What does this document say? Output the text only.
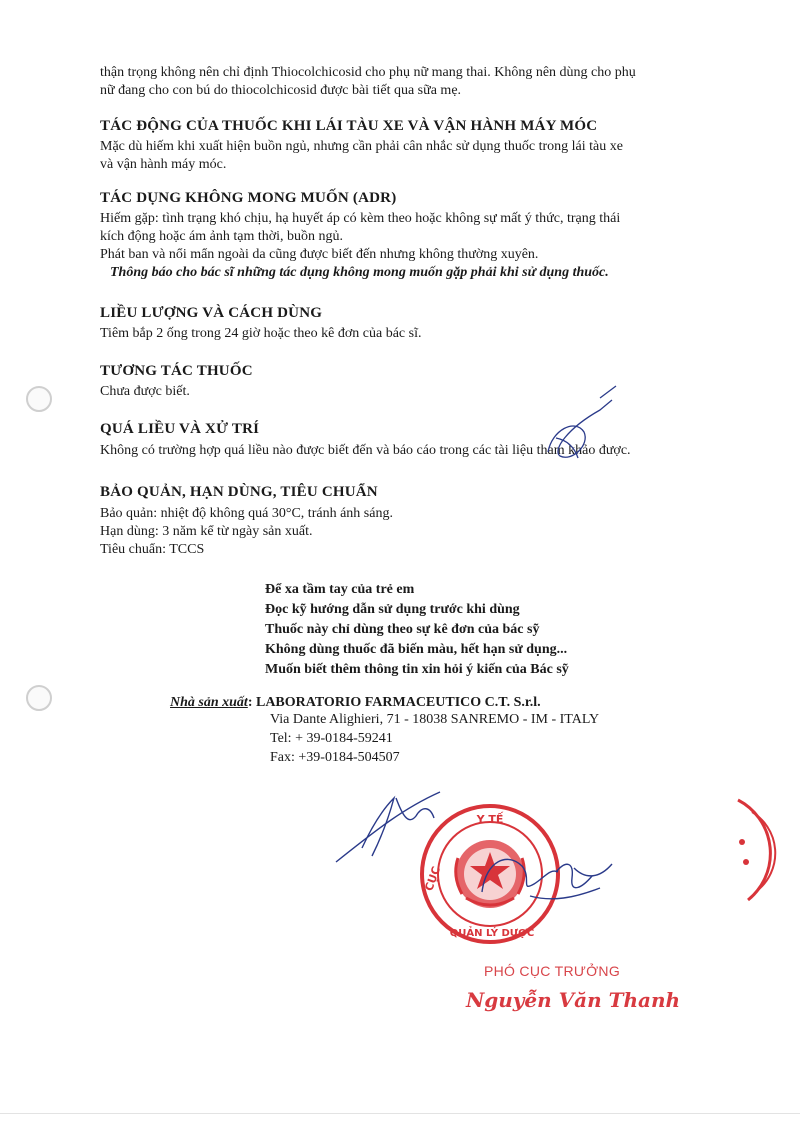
thận trọng không nên chỉ định Thiocolchicosid cho phụ nữ mang thai. Không nên dùng cho phụ
nữ đang cho con bú do thiocolchicosid được bài tiết qua sữa mẹ.
TÁC ĐỘNG CỦA THUỐC KHI LÁI TÀU XE VÀ VẬN HÀNH MÁY MÓC
Mặc dù hiếm khi xuất hiện buồn ngủ, nhưng cần phải cân nhắc sử dụng thuốc trong lái tàu xe
và vận hành máy móc.
TÁC DỤNG KHÔNG MONG MUỐN (ADR)
Hiếm gặp: tình trạng khó chịu, hạ huyết áp có kèm theo hoặc không sự mất ý thức, trạng thái
kích động hoặc ám ảnh tạm thời, buồn ngủ.
Phát ban và nổi mẩn ngoài da cũng được biết đến nhưng không thường xuyên.
Thông báo cho bác sĩ những tác dụng không mong muốn gặp phải khi sử dụng thuốc.
LIỀU LƯỢNG VÀ CÁCH DÙNG
Tiêm bắp 2 ống trong 24 giờ hoặc theo kê đơn của bác sĩ.
TƯƠNG TÁC THUỐC
Chưa được biết.
QUÁ LIỀU VÀ XỬ TRÍ
Không có trường hợp quá liều nào được biết đến và báo cáo trong các tài liệu tham khảo được.
BẢO QUẢN, HẠN DÙNG, TIÊU CHUẨN
Bảo quản: nhiệt độ không quá 30°C, tránh ánh sáng.
Hạn dùng: 3 năm kể từ ngày sản xuất.
Tiêu chuẩn: TCCS
Để xa tầm tay của trẻ em
Đọc kỹ hướng dẫn sử dụng trước khi dùng
Thuốc này chỉ dùng theo sự kê đơn của bác sỹ
Không dùng thuốc đã biến màu, hết hạn sử dụng...
Muốn biết thêm thông tin xin hỏi ý kiến của Bác sỹ
Nhà sản xuất: LABORATORIO FARMACEUTICO C.T. S.r.l.
Via Dante Alighieri, 71 - 18038 SANREMO - IM - ITALY
Tel: + 39-0184-59241
Fax: +39-0184-504507
Y TẾ
CỤC
QUẢN LÝ DƯỢC
PHÓ CỤC TRƯỞNG
Nguyễn Văn Thanh
